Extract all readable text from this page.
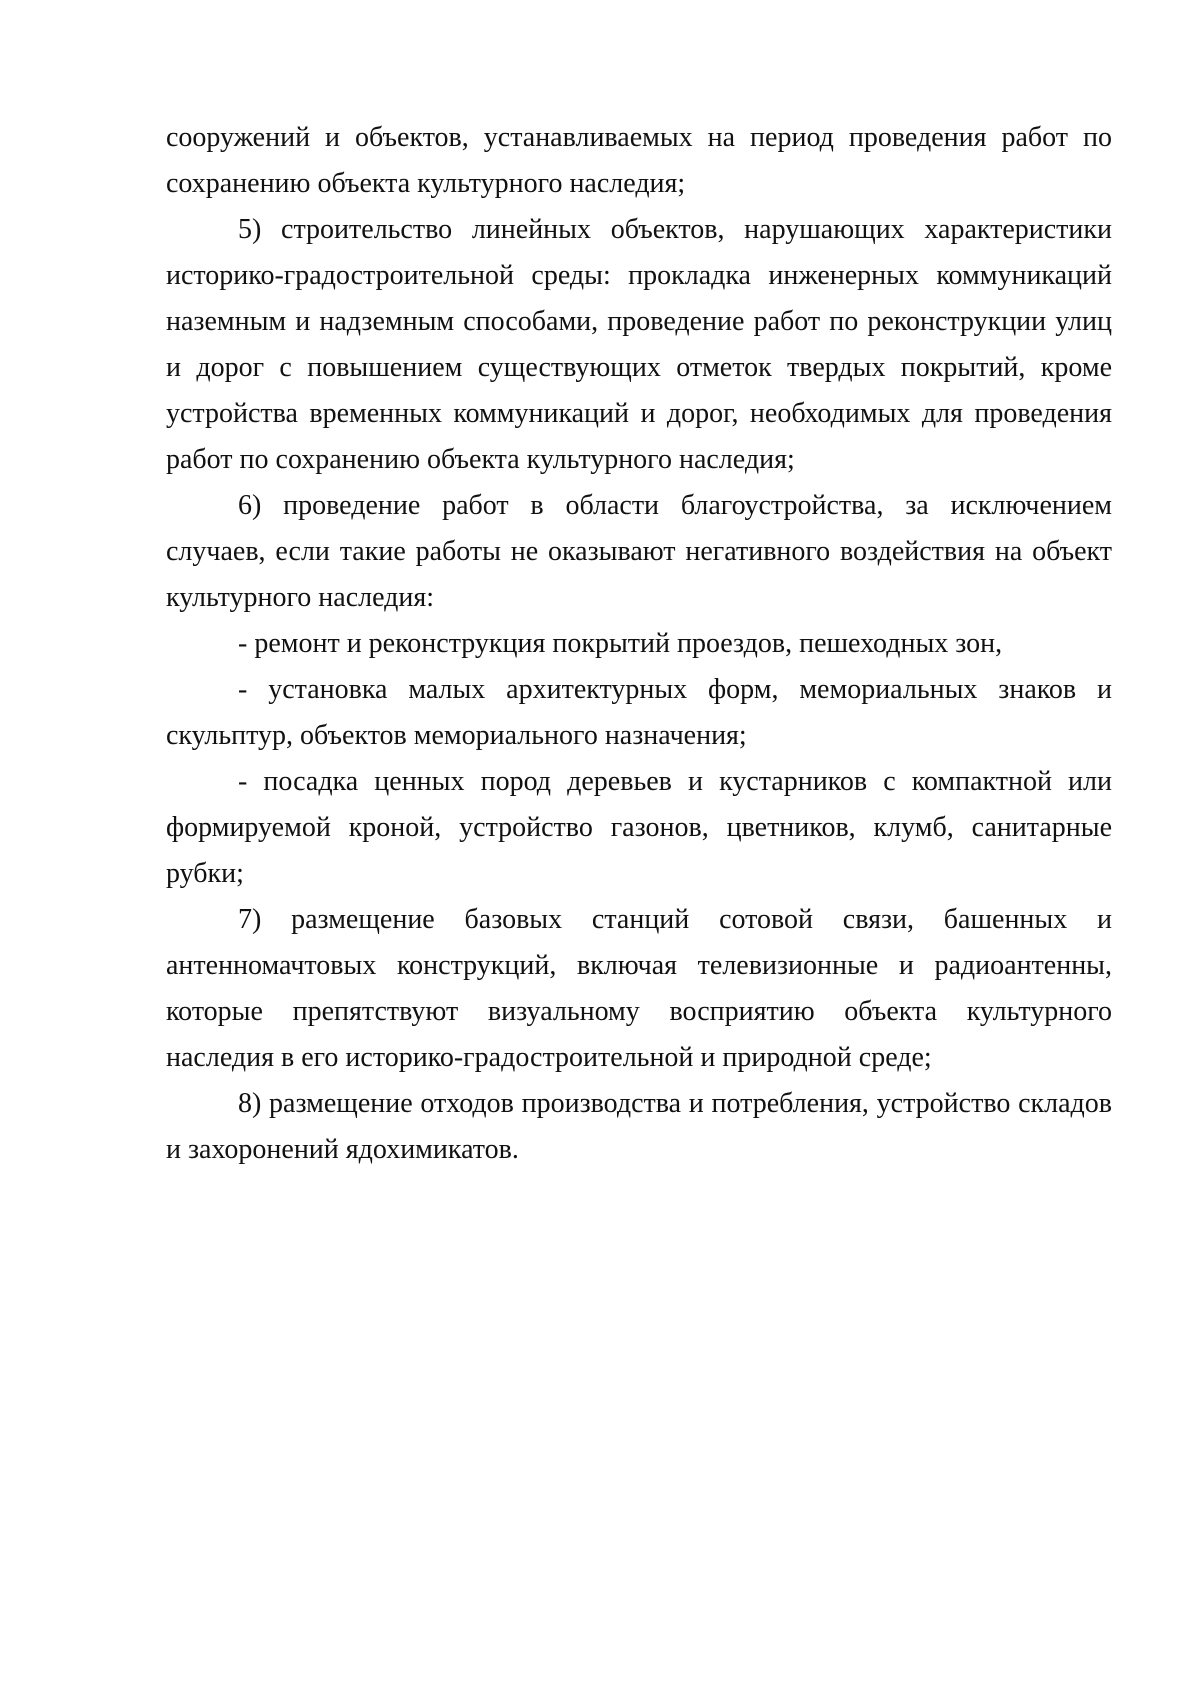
сооружений и объектов, устанавливаемых на период проведения работ по сохранению объекта культурного наследия;

5) строительство линейных объектов, нарушающих характеристики историко-градостроительной среды: прокладка инженерных коммуникаций наземным и надземным способами, проведение работ по реконструкции улиц и дорог с повышением существующих отметок твердых покрытий, кроме устройства временных коммуникаций и дорог, необходимых для проведения работ по сохранению объекта культурного наследия;

6) проведение работ в области благоустройства, за исключением случаев, если такие работы не оказывают негативного воздействия на объект культурного наследия:

- ремонт и реконструкция покрытий проездов, пешеходных зон,

- установка малых архитектурных форм, мемориальных знаков и скульптур, объектов мемориального назначения;

- посадка ценных пород деревьев и кустарников с компактной или формируемой кроной, устройство газонов, цветников, клумб, санитарные рубки;

7) размещение базовых станций сотовой связи, башенных и антенномачтовых конструкций, включая телевизионные и радиоантенны, которые препятствуют визуальному восприятию объекта культурного наследия в его историко-градостроительной и природной среде;

8) размещение отходов производства и потребления, устройство складов и захоронений ядохимикатов.
